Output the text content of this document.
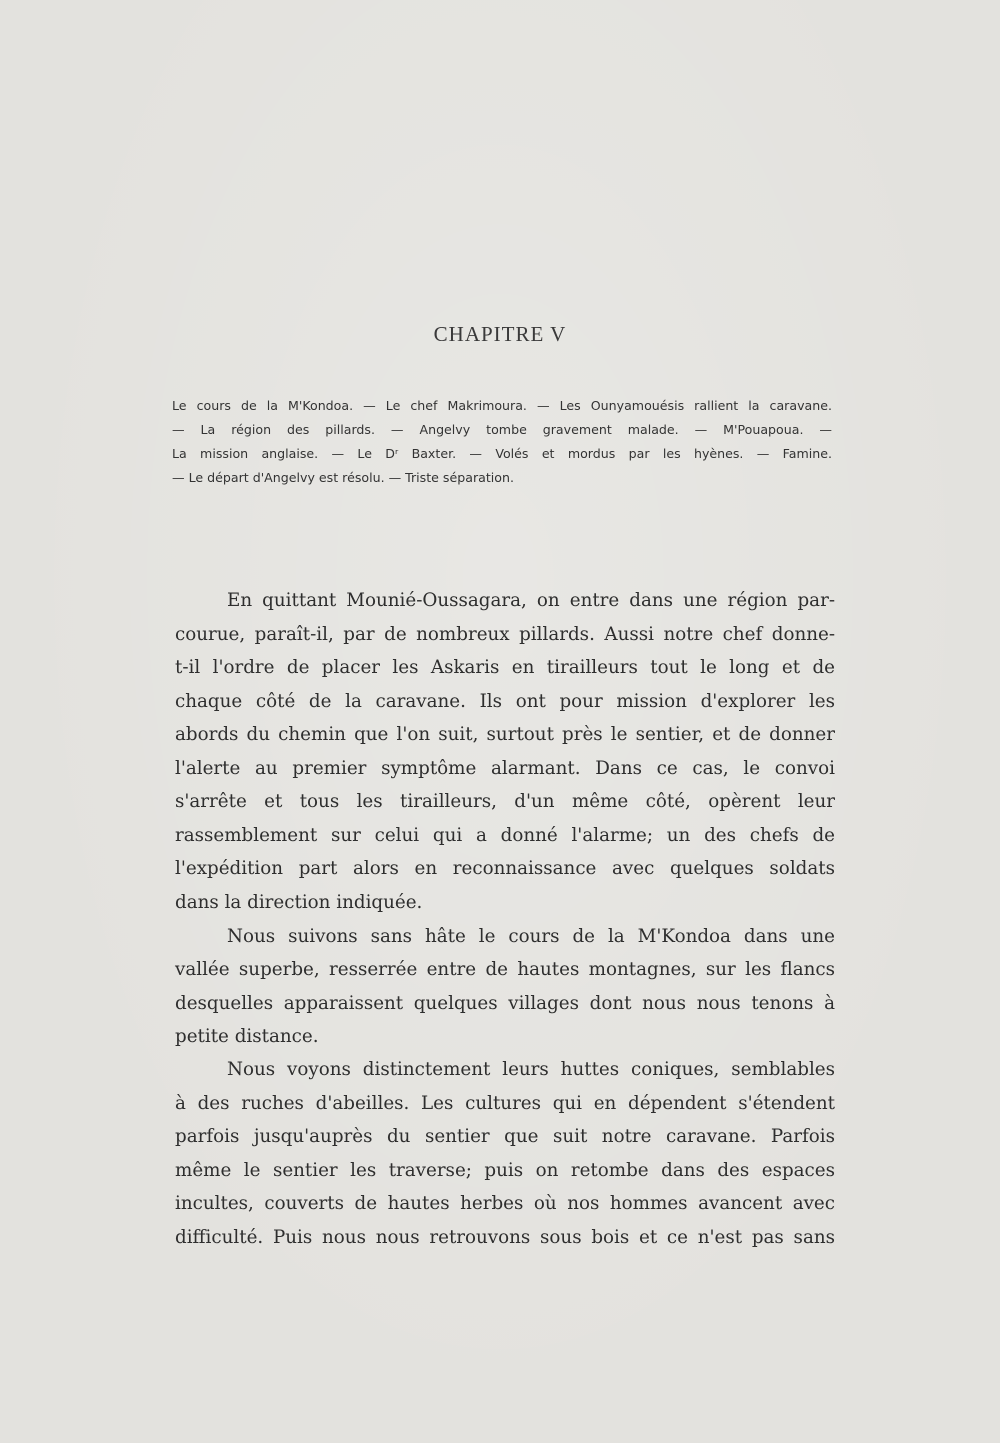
CHAPITRE V
Le cours de la M'Kondoa. — Le chef Makrimoura. — Les Ounyamouésis rallient la caravane.
— La région des pillards. — Angelvy tombe gravement malade. — M'Pouapoua. —
La mission anglaise. — Le Dʳ Baxter. — Volés et mordus par les hyènes. — Famine.
— Le départ d'Angelvy est résolu. — Triste séparation.
En quittant Mounié-Oussagara, on entre dans une région par-
courue, paraît-il, par de nombreux pillards. Aussi notre chef donne-
t-il l'ordre de placer les Askaris en tirailleurs tout le long et de
chaque côté de la caravane. Ils ont pour mission d'explorer les
abords du chemin que l'on suit, surtout près le sentier, et de donner
l'alerte au premier symptôme alarmant. Dans ce cas, le convoi
s'arrête et tous les tirailleurs, d'un même côté, opèrent leur
rassemblement sur celui qui a donné l'alarme; un des chefs de
l'expédition part alors en reconnaissance avec quelques soldats
dans la direction indiquée.
Nous suivons sans hâte le cours de la M'Kondoa dans une
vallée superbe, resserrée entre de hautes montagnes, sur les flancs
desquelles apparaissent quelques villages dont nous nous tenons à
petite distance.
Nous voyons distinctement leurs huttes coniques, semblables
à des ruches d'abeilles. Les cultures qui en dépendent s'étendent
parfois jusqu'auprès du sentier que suit notre caravane. Parfois
même le sentier les traverse; puis on retombe dans des espaces
incultes, couverts de hautes herbes où nos hommes avancent avec
difficulté. Puis nous nous retrouvons sous bois et ce n'est pas sans
